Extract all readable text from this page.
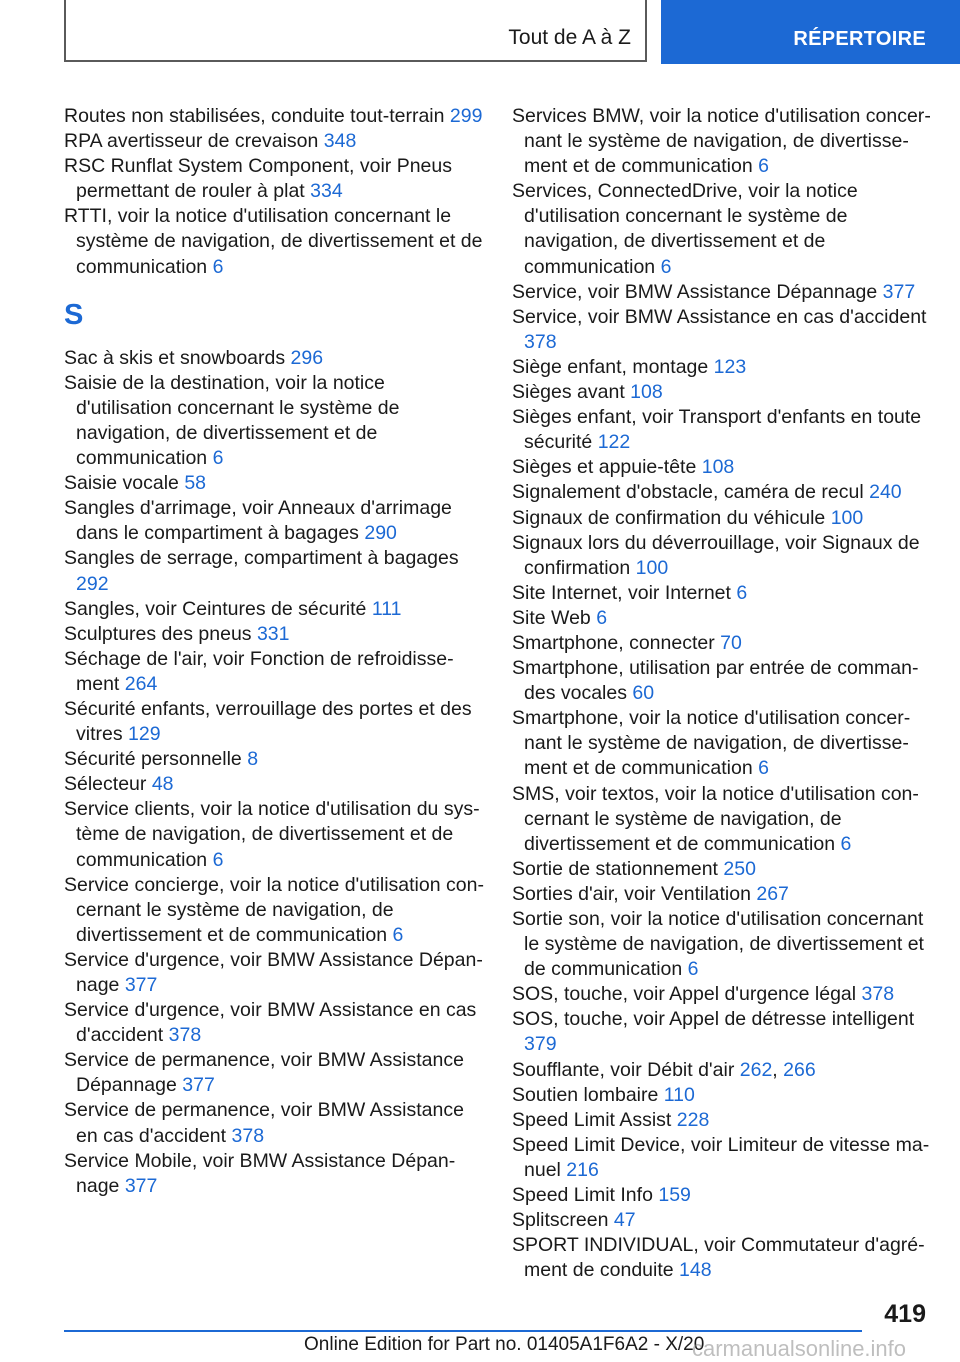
Tout de A à Z	RÉPERTOIRE
Routes non stabilisées, conduite tout-terrain 299
RPA avertisseur de crevaison 348
RSC Runflat System Component, voir Pneus permettant de rouler à plat 334
RTTI, voir la notice d'utilisation concernant le système de navigation, de divertissement et de communication 6
S
Sac à skis et snowboards 296
Saisie de la destination, voir la notice d'utilisation concernant le système de navigation, de divertissement et de communication 6
Saisie vocale 58
Sangles d'arrimage, voir Anneaux d'arrimage dans le compartiment à bagages 290
Sangles de serrage, compartiment à bagages 292
Sangles, voir Ceintures de sécurité 111
Sculptures des pneus 331
Séchage de l'air, voir Fonction de refroidissement 264
Sécurité enfants, verrouillage des portes et des vitres 129
Sécurité personnelle 8
Sélecteur 48
Service clients, voir la notice d'utilisation du système de navigation, de divertissement et de communication 6
Service concierge, voir la notice d'utilisation concernant le système de navigation, de divertissement et de communication 6
Service d'urgence, voir BMW Assistance Dépannage 377
Service d'urgence, voir BMW Assistance en cas d'accident 378
Service de permanence, voir BMW Assistance Dépannage 377
Service de permanence, voir BMW Assistance en cas d'accident 378
Service Mobile, voir BMW Assistance Dépannage 377
Services BMW, voir la notice d'utilisation concernant le système de navigation, de divertissement et de communication 6
Services, ConnectedDrive, voir la notice d'utilisation concernant le système de navigation, de divertissement et de communication 6
Service, voir BMW Assistance Dépannage 377
Service, voir BMW Assistance en cas d'accident 378
Siège enfant, montage 123
Sièges avant 108
Sièges enfant, voir Transport d'enfants en toute sécurité 122
Sièges et appuie-tête 108
Signalement d'obstacle, caméra de recul 240
Signaux de confirmation du véhicule 100
Signaux lors du déverrouillage, voir Signaux de confirmation 100
Site Internet, voir Internet 6
Site Web 6
Smartphone, connecter 70
Smartphone, utilisation par entrée de commandes vocales 60
Smartphone, voir la notice d'utilisation concernant le système de navigation, de divertissement et de communication 6
SMS, voir textos, voir la notice d'utilisation concernant le système de navigation, de divertissement et de communication 6
Sortie de stationnement 250
Sorties d'air, voir Ventilation 267
Sortie son, voir la notice d'utilisation concernant le système de navigation, de divertissement et de communication 6
SOS, touche, voir Appel d'urgence légal 378
SOS, touche, voir Appel de détresse intelligent 379
Soufflante, voir Débit d'air 262, 266
Soutien lombaire 110
Speed Limit Assist 228
Speed Limit Device, voir Limiteur de vitesse manuel 216
Speed Limit Info 159
Splitscreen 47
SPORT INDIVIDUAL, voir Commutateur d'agrément de conduite 148
419
Online Edition for Part no. 01405A1F6A2 - X/20
carmanualsonline.info
